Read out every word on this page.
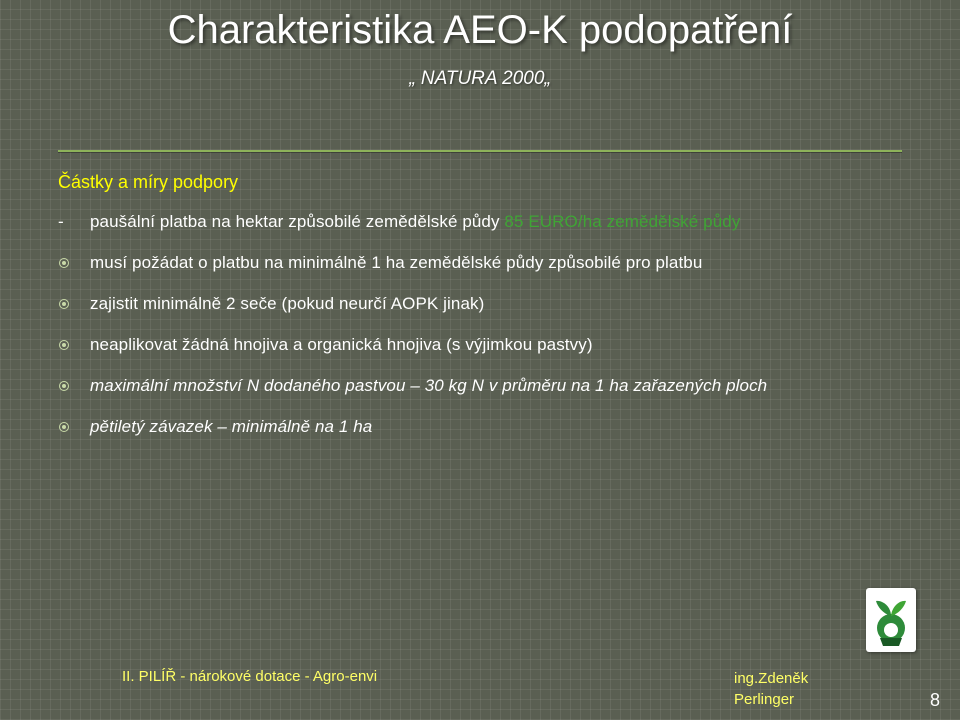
Charakteristika AEO-K podopatření
„ NATURA 2000„
Částky a míry podpory
-	paušální platba na hektar způsobilé zemědělské půdy 85 EURO/ha zemědělské půdy
musí požádat o platbu na minimálně 1 ha zemědělské půdy způsobilé pro platbu
zajistit minimálně 2 seče (pokud neurčí AOPK jinak)
neaplikovat žádná hnojiva a organická hnojiva (s výjimkou pastvy)
maximální množství N dodaného pastvou – 30 kg N v průměru na 1 ha zařazených ploch
pětiletý závazek – minimálně na 1 ha
II. PILÍŘ - nárokové dotace - Agro-envi	ing.Zdeněk Perlinger	8
